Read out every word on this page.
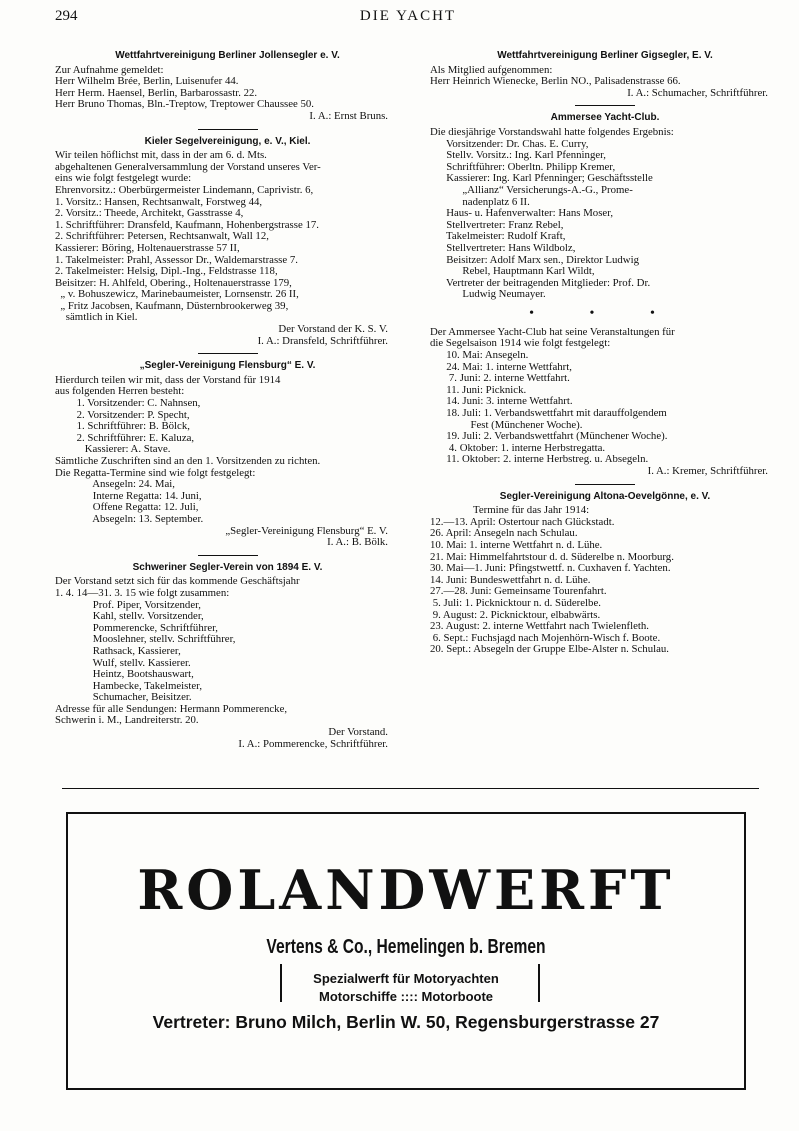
294	DIE YACHT
Wettfahrtvereinigung Berliner Jollensegler e. V.
Zur Aufnahme gemeldet:
Herr Wilhelm Brée, Berlin, Luisenufer 44.
Herr Herm. Haensel, Berlin, Barbarossastr. 22.
Herr Bruno Thomas, Bln.-Treptow, Treptower Chaussee 50.
I. A.: Ernst Bruns.
Kieler Segelvereinigung, e. V., Kiel.
Wir teilen höflichst mit, dass in der am 6. d. Mts.
abgehaltenen Generalversammlung der Vorstand unseres Ver-
eins wie folgt festgelegt wurde:
Ehrenvorsitz.: Oberbürgermeister Lindemann, Caprivistr. 6,
1. Vorsitz.: Hansen, Rechtsanwalt, Forstweg 44,
2. Vorsitz.: Theede, Architekt, Gasstrasse 4,
1. Schriftführer: Dransfeld, Kaufmann, Hohenbergstrasse 17.
2. Schriftführer: Petersen, Rechtsanwalt, Wall 12,
Kassierer: Böring, Holtenauerstrasse 57 II,
1. Takelmeister: Prahl, Assessor Dr., Waldemarstrasse 7.
2. Takelmeister: Helsig, Dipl.-Ing., Feldstrasse 118,
Beisitzer: H. Ahlfeld, Obering., Holtenauerstrasse 179,
„ v. Bohuszewicz, Marinebaumeister, Lornsenstr. 26 II,
„ Fritz Jacobsen, Kaufmann, Düsternbrookerweg 39,
sämtlich in Kiel.
Der Vorstand der K. S. V.
I. A.: Dransfeld, Schriftführer.
„Segler-Vereinigung Flensburg“ E. V.
Hierdurch teilen wir mit, dass der Vorstand für 1914
aus folgenden Herren besteht:
1. Vorsitzender: C. Nahnsen,
2. Vorsitzender: P. Specht,
1. Schriftführer: B. Bölck,
2. Schriftführer: E. Kaluza,
Kassierer: A. Stave.
Sämtliche Zuschriften sind an den 1. Vorsitzenden zu richten.
Die Regatta-Termine sind wie folgt festgelegt:
Ansegeln: 24. Mai,
Interne Regatta: 14. Juni,
Offene Regatta: 12. Juli,
Absegeln: 13. September.
„Segler-Vereinigung Flensburg“ E. V.
I. A.: B. Bölk.
Schweriner Segler-Verein von 1894 E. V.
Der Vorstand setzt sich für das kommende Geschäftsjahr
1. 4. 14—31. 3. 15 wie folgt zusammen:
Prof. Piper, Vorsitzender,
Kahl, stellv. Vorsitzender,
Pommerencke, Schriftführer,
Mooslehner, stellv. Schriftführer,
Rathsack, Kassierer,
Wulf, stellv. Kassierer.
Heintz, Bootshauswart,
Hambecke, Takelmeister,
Schumacher, Beisitzer.
Adresse für alle Sendungen: Hermann Pommerencke,
Schwerin i. M., Landreiterstr. 20.
Der Vorstand.
I. A.: Pommerencke, Schriftführer.
Wettfahrtvereinigung Berliner Gigsegler, E. V.
Als Mitglied aufgenommen:
Herr Heinrich Wienecke, Berlin NO., Palisadenstrasse 66.
I. A.: Schumacher, Schriftführer.
Ammersee Yacht-Club.
Die diesjährige Vorstandswahl hatte folgendes Ergebnis:
Vorsitzender: Dr. Chas. E. Curry,
Stellv. Vorsitz.: Ing. Karl Pfenninger,
Schriftführer: Oberltn. Philipp Kremer,
Kassierer: Ing. Karl Pfenninger; Geschäftsstelle
„Allianz“ Versicherungs-A.-G., Prome-
nadenplatz 6 II.
Haus- u. Hafenverwalter: Hans Moser,
Stellvertreter: Franz Rebel,
Takelmeister: Rudolf Kraft,
Stellvertreter: Hans Wildbolz,
Beisitzer: Adolf Marx sen., Direktor Ludwig
Rebel, Hauptmann Karl Wildt,
Vertreter der beitragenden Mitglieder: Prof. Dr.
Ludwig Neumayer.
• • •
Der Ammersee Yacht-Club hat seine Veranstaltungen für
die Segelsaison 1914 wie folgt festgelegt:
10. Mai: Ansegeln.
24. Mai: 1. interne Wettfahrt,
7. Juni: 2. interne Wettfahrt.
11. Juni: Picknick.
14. Juni: 3. interne Wettfahrt.
18. Juli: 1. Verbandswettfahrt mit darauffolgendem
Fest (Münchener Woche).
19. Juli: 2. Verbandswettfahrt (Münchener Woche).
4. Oktober: 1. interne Herbstregatta.
11. Oktober: 2. interne Herbstreg. u. Absegeln.
I. A.: Kremer, Schriftführer.
Segler-Vereinigung Altona-Oevelgönne, e. V.
Termine für das Jahr 1914:
12.—13. April: Ostertour nach Glückstadt.
26. April: Ansegeln nach Schulau.
10. Mai: 1. interne Wettfahrt n. d. Lühe.
21. Mai: Himmelfahrtstour d. d. Süderelbe n. Moorburg.
30. Mai—1. Juni: Pfingstwettf. n. Cuxhaven f. Yachten.
14. Juni: Bundeswettfahrt n. d. Lühe.
27.—28. Juni: Gemeinsame Tourenfahrt.
5. Juli: 1. Picknicktour n. d. Süderelbe.
9. August: 2. Picknicktour, elbabwärts.
23. August: 2. interne Wettfahrt nach Twielenfleth.
6. Sept.: Fuchsjagd nach Mojenhörn-Wisch f. Boote.
20. Sept.: Absegeln der Gruppe Elbe-Alster n. Schulau.
ROLANDWERFT
Vertens & Co., Hemelingen b. Bremen
Spezialwerft für Motoryachten
Motorschiffe :::: Motorboote
Vertreter: Bruno Milch, Berlin W. 50, Regensburgerstrasse 27
